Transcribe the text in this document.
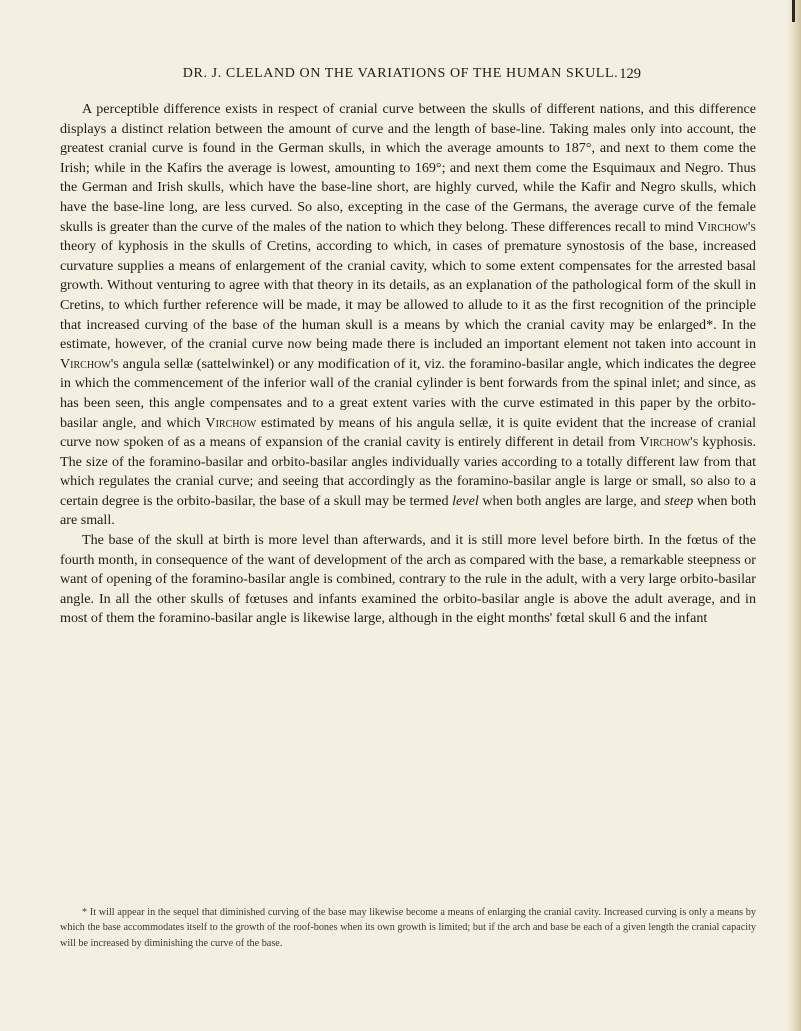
DR. J. CLELAND ON THE VARIATIONS OF THE HUMAN SKULL. 129

A perceptible difference exists in respect of cranial curve between the skulls of different nations, and this difference displays a distinct relation between the amount of curve and the length of base-line. Taking males only into account, the greatest cranial curve is found in the German skulls, in which the average amounts to 187°, and next to them come the Irish; while in the Kafirs the average is lowest, amounting to 169°; and next them come the Esquimaux and Negro. Thus the German and Irish skulls, which have the base-line short, are highly curved, while the Kafir and Negro skulls, which have the base-line long, are less curved. So also, excepting in the case of the Germans, the average curve of the female skulls is greater than the curve of the males of the nation to which they belong. These differences recall to mind Virchow's theory of kyphosis in the skulls of Cretins, according to which, in cases of premature synostosis of the base, increased curvature supplies a means of enlargement of the cranial cavity, which to some extent compensates for the arrested basal growth. Without venturing to agree with that theory in its details, as an explanation of the pathological form of the skull in Cretins, to which further reference will be made, it may be allowed to allude to it as the first recognition of the principle that increased curving of the base of the human skull is a means by which the cranial cavity may be enlarged*. In the estimate, however, of the cranial curve now being made there is included an important element not taken into account in Virchow's angula sellæ (sattelwinkel) or any modification of it, viz. the foramino-basilar angle, which indicates the degree in which the commencement of the inferior wall of the cranial cylinder is bent forwards from the spinal inlet; and since, as has been seen, this angle compensates and to a great extent varies with the curve estimated in this paper by the orbito-basilar angle, and which Virchow estimated by means of his angula sellæ, it is quite evident that the increase of cranial curve now spoken of as a means of expansion of the cranial cavity is entirely different in detail from Virchow's kyphosis. The size of the foramino-basilar and orbito-basilar angles individually varies according to a totally different law from that which regulates the cranial curve; and seeing that accordingly as the foramino-basilar angle is large or small, so also to a certain degree is the orbito-basilar, the base of a skull may be termed level when both angles are large, and steep when both are small.

The base of the skull at birth is more level than afterwards, and it is still more level before birth. In the fœtus of the fourth month, in consequence of the want of development of the arch as compared with the base, a remarkable steepness or want of opening of the foramino-basilar angle is combined, contrary to the rule in the adult, with a very large orbito-basilar angle. In all the other skulls of fœtuses and infants examined the orbito-basilar angle is above the adult average, and in most of them the foramino-basilar angle is likewise large, although in the eight months' fœtal skull 6 and the infant

* It will appear in the sequel that diminished curving of the base may likewise become a means of enlarging the cranial cavity. Increased curving is only a means by which the base accommodates itself to the growth of the roof-bones when its own growth is limited; but if the arch and base be each of a given length the cranial capacity will be increased by diminishing the curve of the base.
